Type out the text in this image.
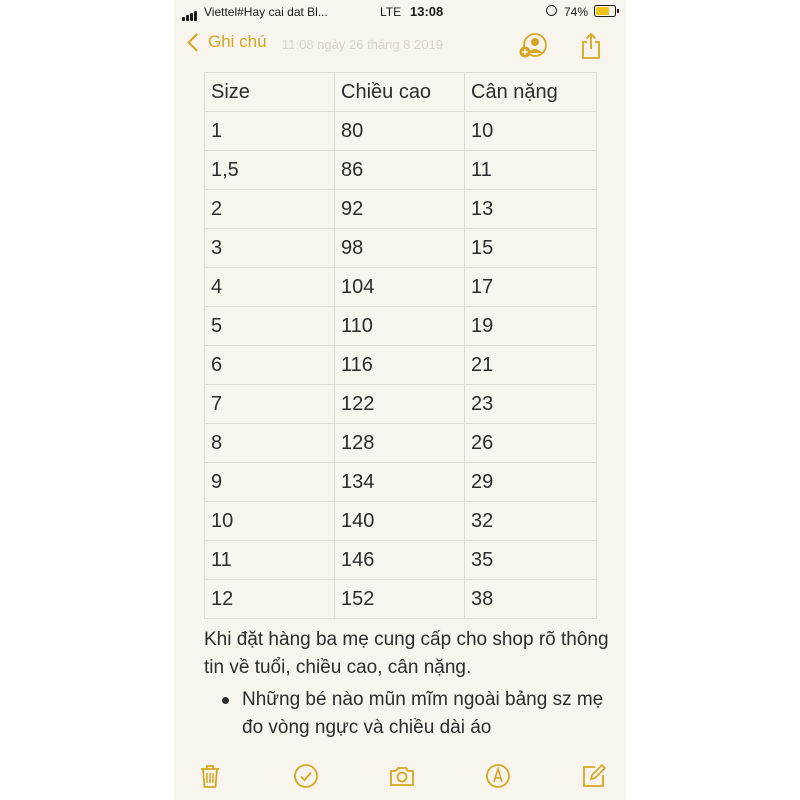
Viettel#Hay cai dat Bl...	LTE 13:08	74%
Ghi chú 11:08 ngày 26 tháng 8 2019
Size	Chiều cao	Cân nặng
1	80	10
1,5	86	11
2	92	13
3	98	15
4	104	17
5	110	19
6	116	21
7	122	23
8	128	26
9	134	29
10	140	32
11	146	35
12	152	38
Khi đặt hàng ba mẹ cung cấp cho shop rõ thông tin về tuổi, chiều cao, cân nặng.
Những bé nào mũn mĩm ngoài bảng sz mẹ đo vòng ngực và chiều dài áo
